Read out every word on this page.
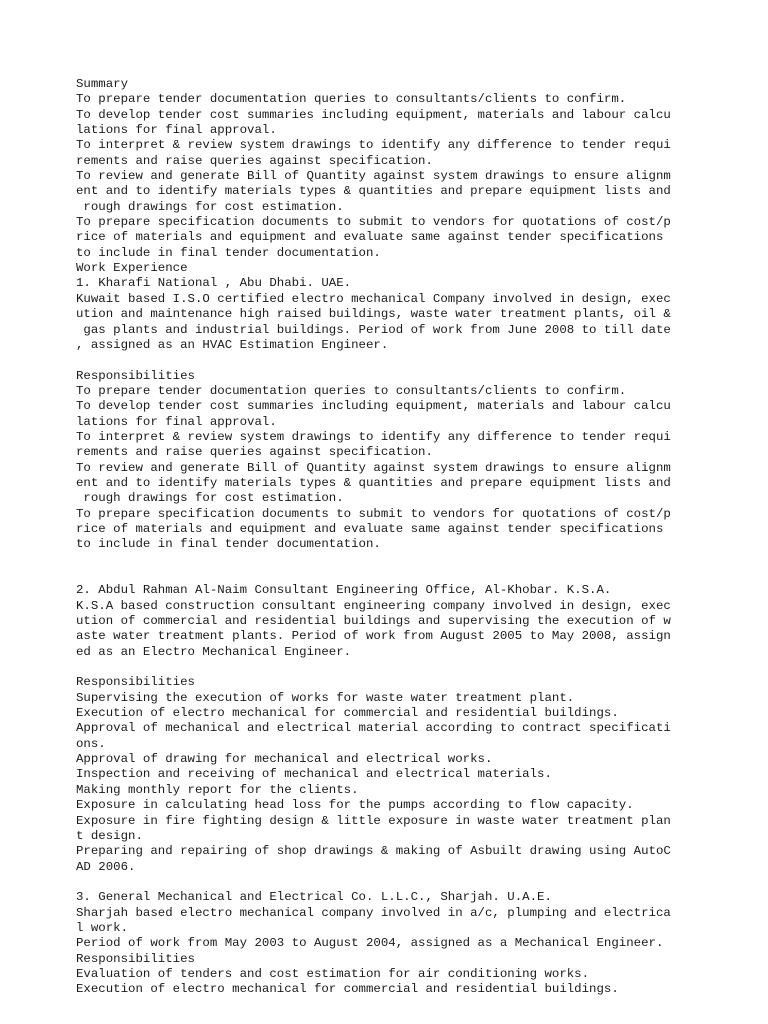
Summary
To prepare tender documentation queries to consultants/clients to confirm.
To develop tender cost summaries including equipment, materials and labour calcu
lations for final approval.
To interpret & review system drawings to identify any difference to tender requi
rements and raise queries against specification.
To review and generate Bill of Quantity against system drawings to ensure alignm
ent and to identify materials types & quantities and prepare equipment lists and
rough drawings for cost estimation.
To prepare specification documents to submit to vendors for quotations of cost/p
rice of materials and equipment and evaluate same against tender specifications
to include in final tender documentation.
Work Experience
1. Kharafi National , Abu Dhabi. UAE.
Kuwait based I.S.O certified electro mechanical Company involved in design, exec
ution and maintenance high raised buildings, waste water treatment plants, oil &
gas plants and industrial buildings. Period of work from June 2008 to till date
, assigned as an HVAC Estimation Engineer.
Responsibilities
To prepare tender documentation queries to consultants/clients to confirm.
To develop tender cost summaries including equipment, materials and labour calcu
lations for final approval.
To interpret & review system drawings to identify any difference to tender requi
rements and raise queries against specification.
To review and generate Bill of Quantity against system drawings to ensure alignm
ent and to identify materials types & quantities and prepare equipment lists and
rough drawings for cost estimation.
To prepare specification documents to submit to vendors for quotations of cost/p
rice of materials and equipment and evaluate same against tender specifications
to include in final tender documentation.
2. Abdul Rahman Al-Naim Consultant Engineering Office, Al-Khobar. K.S.A.
K.S.A based construction consultant engineering company involved in design, exec
ution of commercial and residential buildings and supervising the execution of w
aste water treatment plants. Period of work from August 2005 to May 2008, assign
ed as an Electro Mechanical Engineer.
Responsibilities
Supervising the execution of works for waste water treatment plant.
Execution of electro mechanical for commercial and residential buildings.
Approval of mechanical and electrical material according to contract specificati
ons.
Approval of drawing for mechanical and electrical works.
Inspection and receiving of mechanical and electrical materials.
Making monthly report for the clients.
Exposure in calculating head loss for the pumps according to flow capacity.
Exposure in fire fighting design & little exposure in waste water treatment plan
t design.
Preparing and repairing of shop drawings & making of Asbuilt drawing using AutoC
AD 2006.
3. General Mechanical and Electrical Co. L.L.C., Sharjah. U.A.E.
Sharjah based electro mechanical company involved in a/c, plumping and electrica
l work.
Period of work from May 2003 to August 2004, assigned as a Mechanical Engineer.
Responsibilities
Evaluation of tenders and cost estimation for air conditioning works.
Execution of electro mechanical for commercial and residential buildings.
